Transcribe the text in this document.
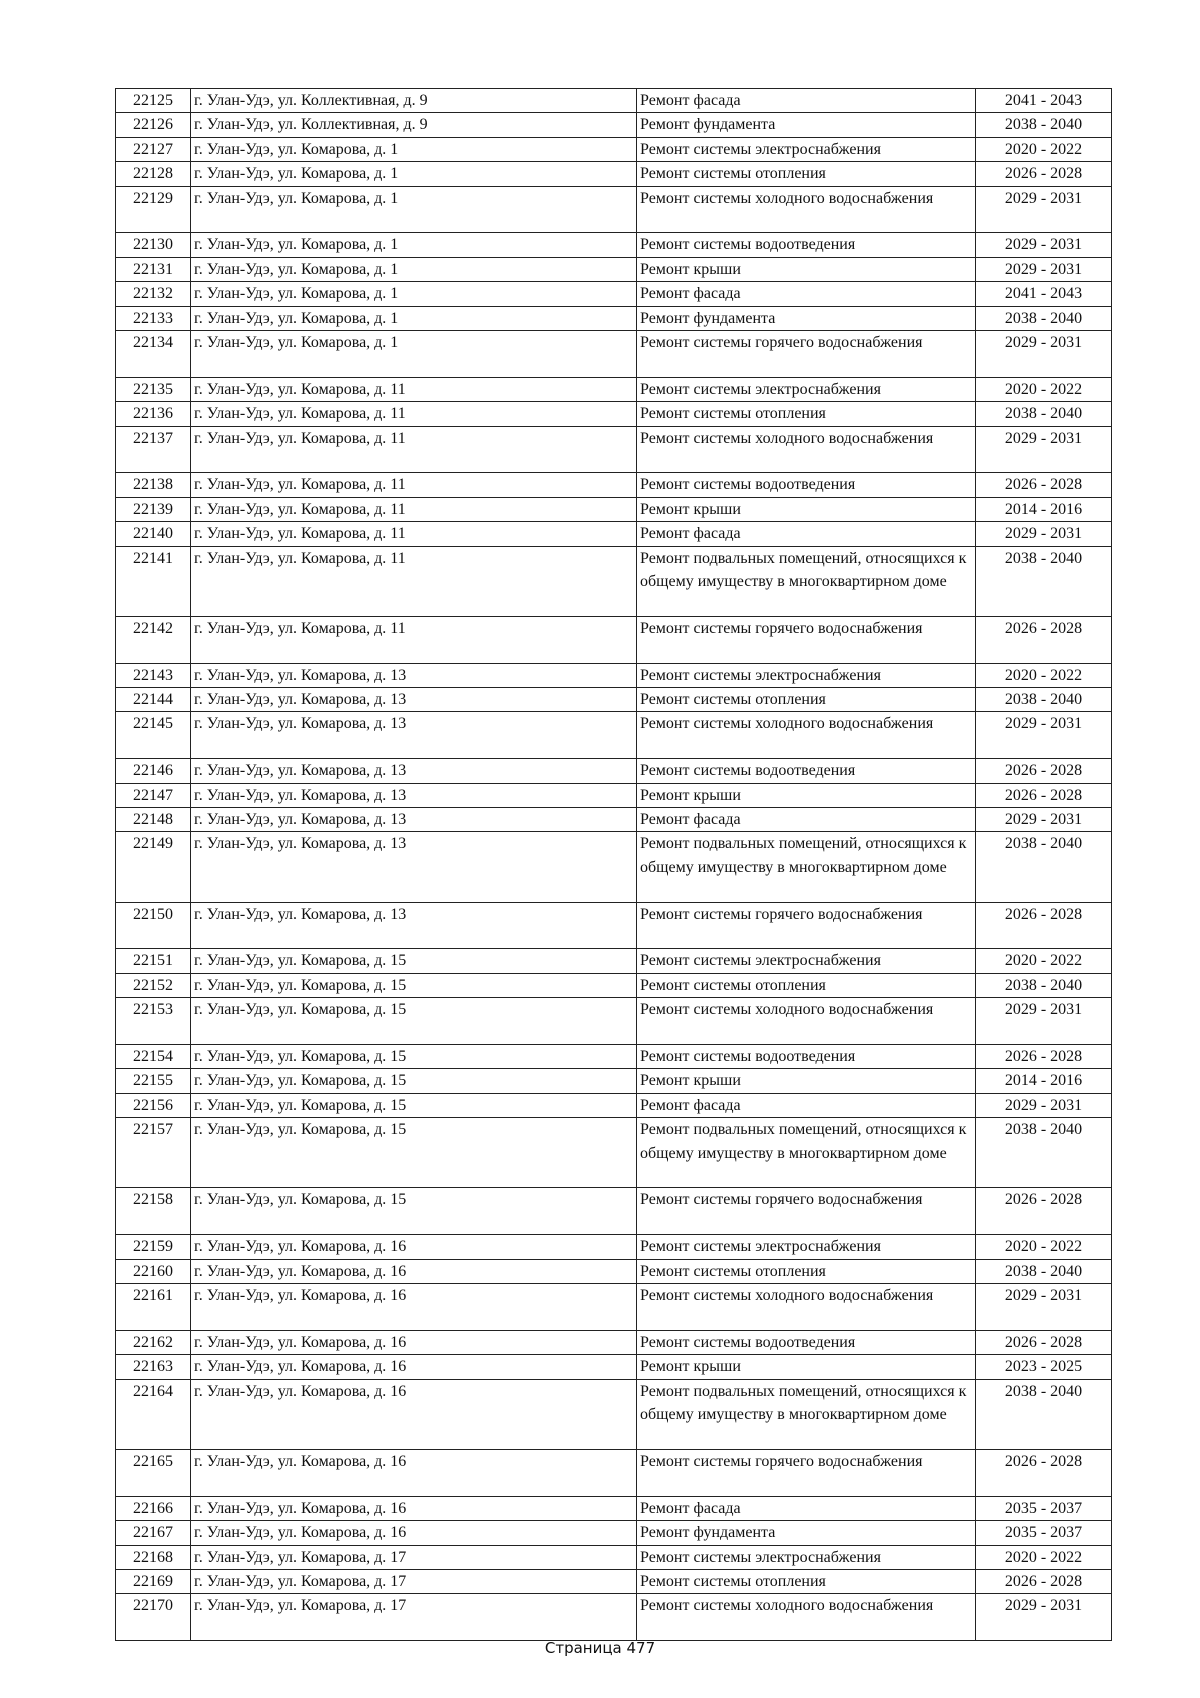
22125	г. Улан-Удэ, ул. Коллективная, д. 9	Ремонт фасада	2041 - 2043
22126	г. Улан-Удэ, ул. Коллективная, д. 9	Ремонт фундамента	2038 - 2040
22127	г. Улан-Удэ, ул. Комарова, д. 1	Ремонт системы электроснабжения	2020 - 2022
22128	г. Улан-Удэ, ул. Комарова, д. 1	Ремонт системы отопления	2026 - 2028
22129	г. Улан-Удэ, ул. Комарова, д. 1	Ремонт системы холодного водоснабжения	2029 - 2031
22130	г. Улан-Удэ, ул. Комарова, д. 1	Ремонт системы водоотведения	2029 - 2031
22131	г. Улан-Удэ, ул. Комарова, д. 1	Ремонт крыши	2029 - 2031
22132	г. Улан-Удэ, ул. Комарова, д. 1	Ремонт фасада	2041 - 2043
22133	г. Улан-Удэ, ул. Комарова, д. 1	Ремонт фундамента	2038 - 2040
22134	г. Улан-Удэ, ул. Комарова, д. 1	Ремонт системы горячего водоснабжения	2029 - 2031
22135	г. Улан-Удэ, ул. Комарова, д. 11	Ремонт системы электроснабжения	2020 - 2022
22136	г. Улан-Удэ, ул. Комарова, д. 11	Ремонт системы отопления	2038 - 2040
22137	г. Улан-Удэ, ул. Комарова, д. 11	Ремонт системы холодного водоснабжения	2029 - 2031
22138	г. Улан-Удэ, ул. Комарова, д. 11	Ремонт системы водоотведения	2026 - 2028
22139	г. Улан-Удэ, ул. Комарова, д. 11	Ремонт крыши	2014 - 2016
22140	г. Улан-Удэ, ул. Комарова, д. 11	Ремонт фасада	2029 - 2031
22141	г. Улан-Удэ, ул. Комарова, д. 11	Ремонт подвальных помещений, относящихся к общему имуществу в многоквартирном доме	2038 - 2040
22142	г. Улан-Удэ, ул. Комарова, д. 11	Ремонт системы горячего водоснабжения	2026 - 2028
22143	г. Улан-Удэ, ул. Комарова, д. 13	Ремонт системы электроснабжения	2020 - 2022
22144	г. Улан-Удэ, ул. Комарова, д. 13	Ремонт системы отопления	2038 - 2040
22145	г. Улан-Удэ, ул. Комарова, д. 13	Ремонт системы холодного водоснабжения	2029 - 2031
22146	г. Улан-Удэ, ул. Комарова, д. 13	Ремонт системы водоотведения	2026 - 2028
22147	г. Улан-Удэ, ул. Комарова, д. 13	Ремонт крыши	2026 - 2028
22148	г. Улан-Удэ, ул. Комарова, д. 13	Ремонт фасада	2029 - 2031
22149	г. Улан-Удэ, ул. Комарова, д. 13	Ремонт подвальных помещений, относящихся к общему имуществу в многоквартирном доме	2038 - 2040
22150	г. Улан-Удэ, ул. Комарова, д. 13	Ремонт системы горячего водоснабжения	2026 - 2028
22151	г. Улан-Удэ, ул. Комарова, д. 15	Ремонт системы электроснабжения	2020 - 2022
22152	г. Улан-Удэ, ул. Комарова, д. 15	Ремонт системы отопления	2038 - 2040
22153	г. Улан-Удэ, ул. Комарова, д. 15	Ремонт системы холодного водоснабжения	2029 - 2031
22154	г. Улан-Удэ, ул. Комарова, д. 15	Ремонт системы водоотведения	2026 - 2028
22155	г. Улан-Удэ, ул. Комарова, д. 15	Ремонт крыши	2014 - 2016
22156	г. Улан-Удэ, ул. Комарова, д. 15	Ремонт фасада	2029 - 2031
22157	г. Улан-Удэ, ул. Комарова, д. 15	Ремонт подвальных помещений, относящихся к общему имуществу в многоквартирном доме	2038 - 2040
22158	г. Улан-Удэ, ул. Комарова, д. 15	Ремонт системы горячего водоснабжения	2026 - 2028
22159	г. Улан-Удэ, ул. Комарова, д. 16	Ремонт системы электроснабжения	2020 - 2022
22160	г. Улан-Удэ, ул. Комарова, д. 16	Ремонт системы отопления	2038 - 2040
22161	г. Улан-Удэ, ул. Комарова, д. 16	Ремонт системы холодного водоснабжения	2029 - 2031
22162	г. Улан-Удэ, ул. Комарова, д. 16	Ремонт системы водоотведения	2026 - 2028
22163	г. Улан-Удэ, ул. Комарова, д. 16	Ремонт крыши	2023 - 2025
22164	г. Улан-Удэ, ул. Комарова, д. 16	Ремонт подвальных помещений, относящихся к общему имуществу в многоквартирном доме	2038 - 2040
22165	г. Улан-Удэ, ул. Комарова, д. 16	Ремонт системы горячего водоснабжения	2026 - 2028
22166	г. Улан-Удэ, ул. Комарова, д. 16	Ремонт фасада	2035 - 2037
22167	г. Улан-Удэ, ул. Комарова, д. 16	Ремонт фундамента	2035 - 2037
22168	г. Улан-Удэ, ул. Комарова, д. 17	Ремонт системы электроснабжения	2020 - 2022
22169	г. Улан-Удэ, ул. Комарова, д. 17	Ремонт системы отопления	2026 - 2028
22170	г. Улан-Удэ, ул. Комарова, д. 17	Ремонт системы холодного водоснабжения	2029 - 2031
Страница 477
